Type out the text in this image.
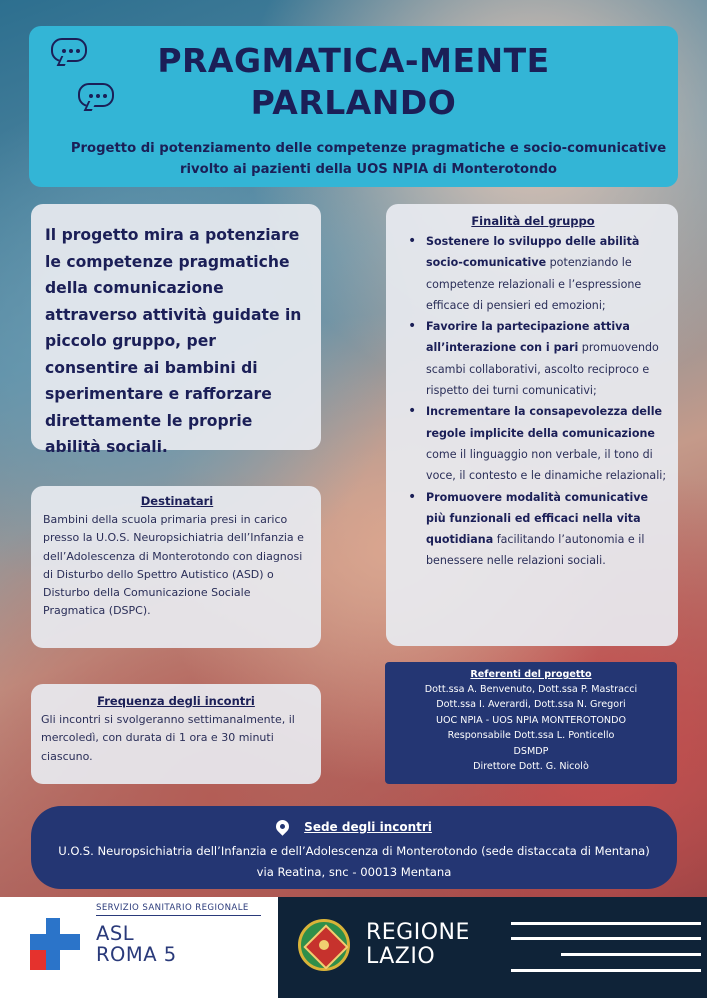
PRAGMATICA-MENTE
PARLANDO
Progetto di potenziamento delle competenze pragmatiche e socio-comunicative rivolto ai pazienti della UOS NPIA di Monterotondo

Il progetto mira a potenziare le competenze pragmatiche della comunicazione attraverso attività guidate in piccolo gruppo, per consentire ai bambini di sperimentare e rafforzare direttamente le proprie abilità sociali.

Destinatari
Bambini della scuola primaria presi in carico presso la U.O.S. Neuropsichiatria dell’Infanzia e dell’Adolescenza di Monterotondo con diagnosi di Disturbo dello Spettro Autistico (ASD) o Disturbo della Comunicazione Sociale Pragmatica (DSPC).
Frequenza degli incontri
Gli incontri si svolgeranno settimanalmente, il mercoledì, con durata di 1 ora e 30 minuti ciascuno.
Finalità del gruppo
• Sostenere lo sviluppo delle abilità socio-comunicative potenziando le competenze relazionali e l’espressione efficace di pensieri ed emozioni;
• Favorire la partecipazione attiva all’interazione con i pari promuovendo scambi collaborativi, ascolto reciproco e rispetto dei turni comunicativi;
• Incrementare la consapevolezza delle regole implicite della comunicazione come il linguaggio non verbale, il tono di voce, il contesto e le dinamiche relazionali;
• Promuovere modalità comunicative più funzionali ed efficaci nella vita quotidiana facilitando l’autonomia e il benessere nelle relazioni sociali.
Referenti del progetto
Dott.ssa A. Benvenuto, Dott.ssa P. Mastracci
Dott.ssa I. Averardi, Dott.ssa N. Gregori
UOC NPIA - UOS NPIA MONTEROTONDO
Responsabile Dott.ssa L. Ponticello
DSMDP
Direttore Dott. G. Nicolò
Sede degli incontri
U.O.S. Neuropsichiatria dell’Infanzia e dell’Adolescenza di Monterotondo (sede distaccata di Mentana)
via Reatina, snc - 00013 Mentana
SERVIZIO SANITARIO REGIONALE
ASL
ROMA 5
REGIONE
LAZIO
